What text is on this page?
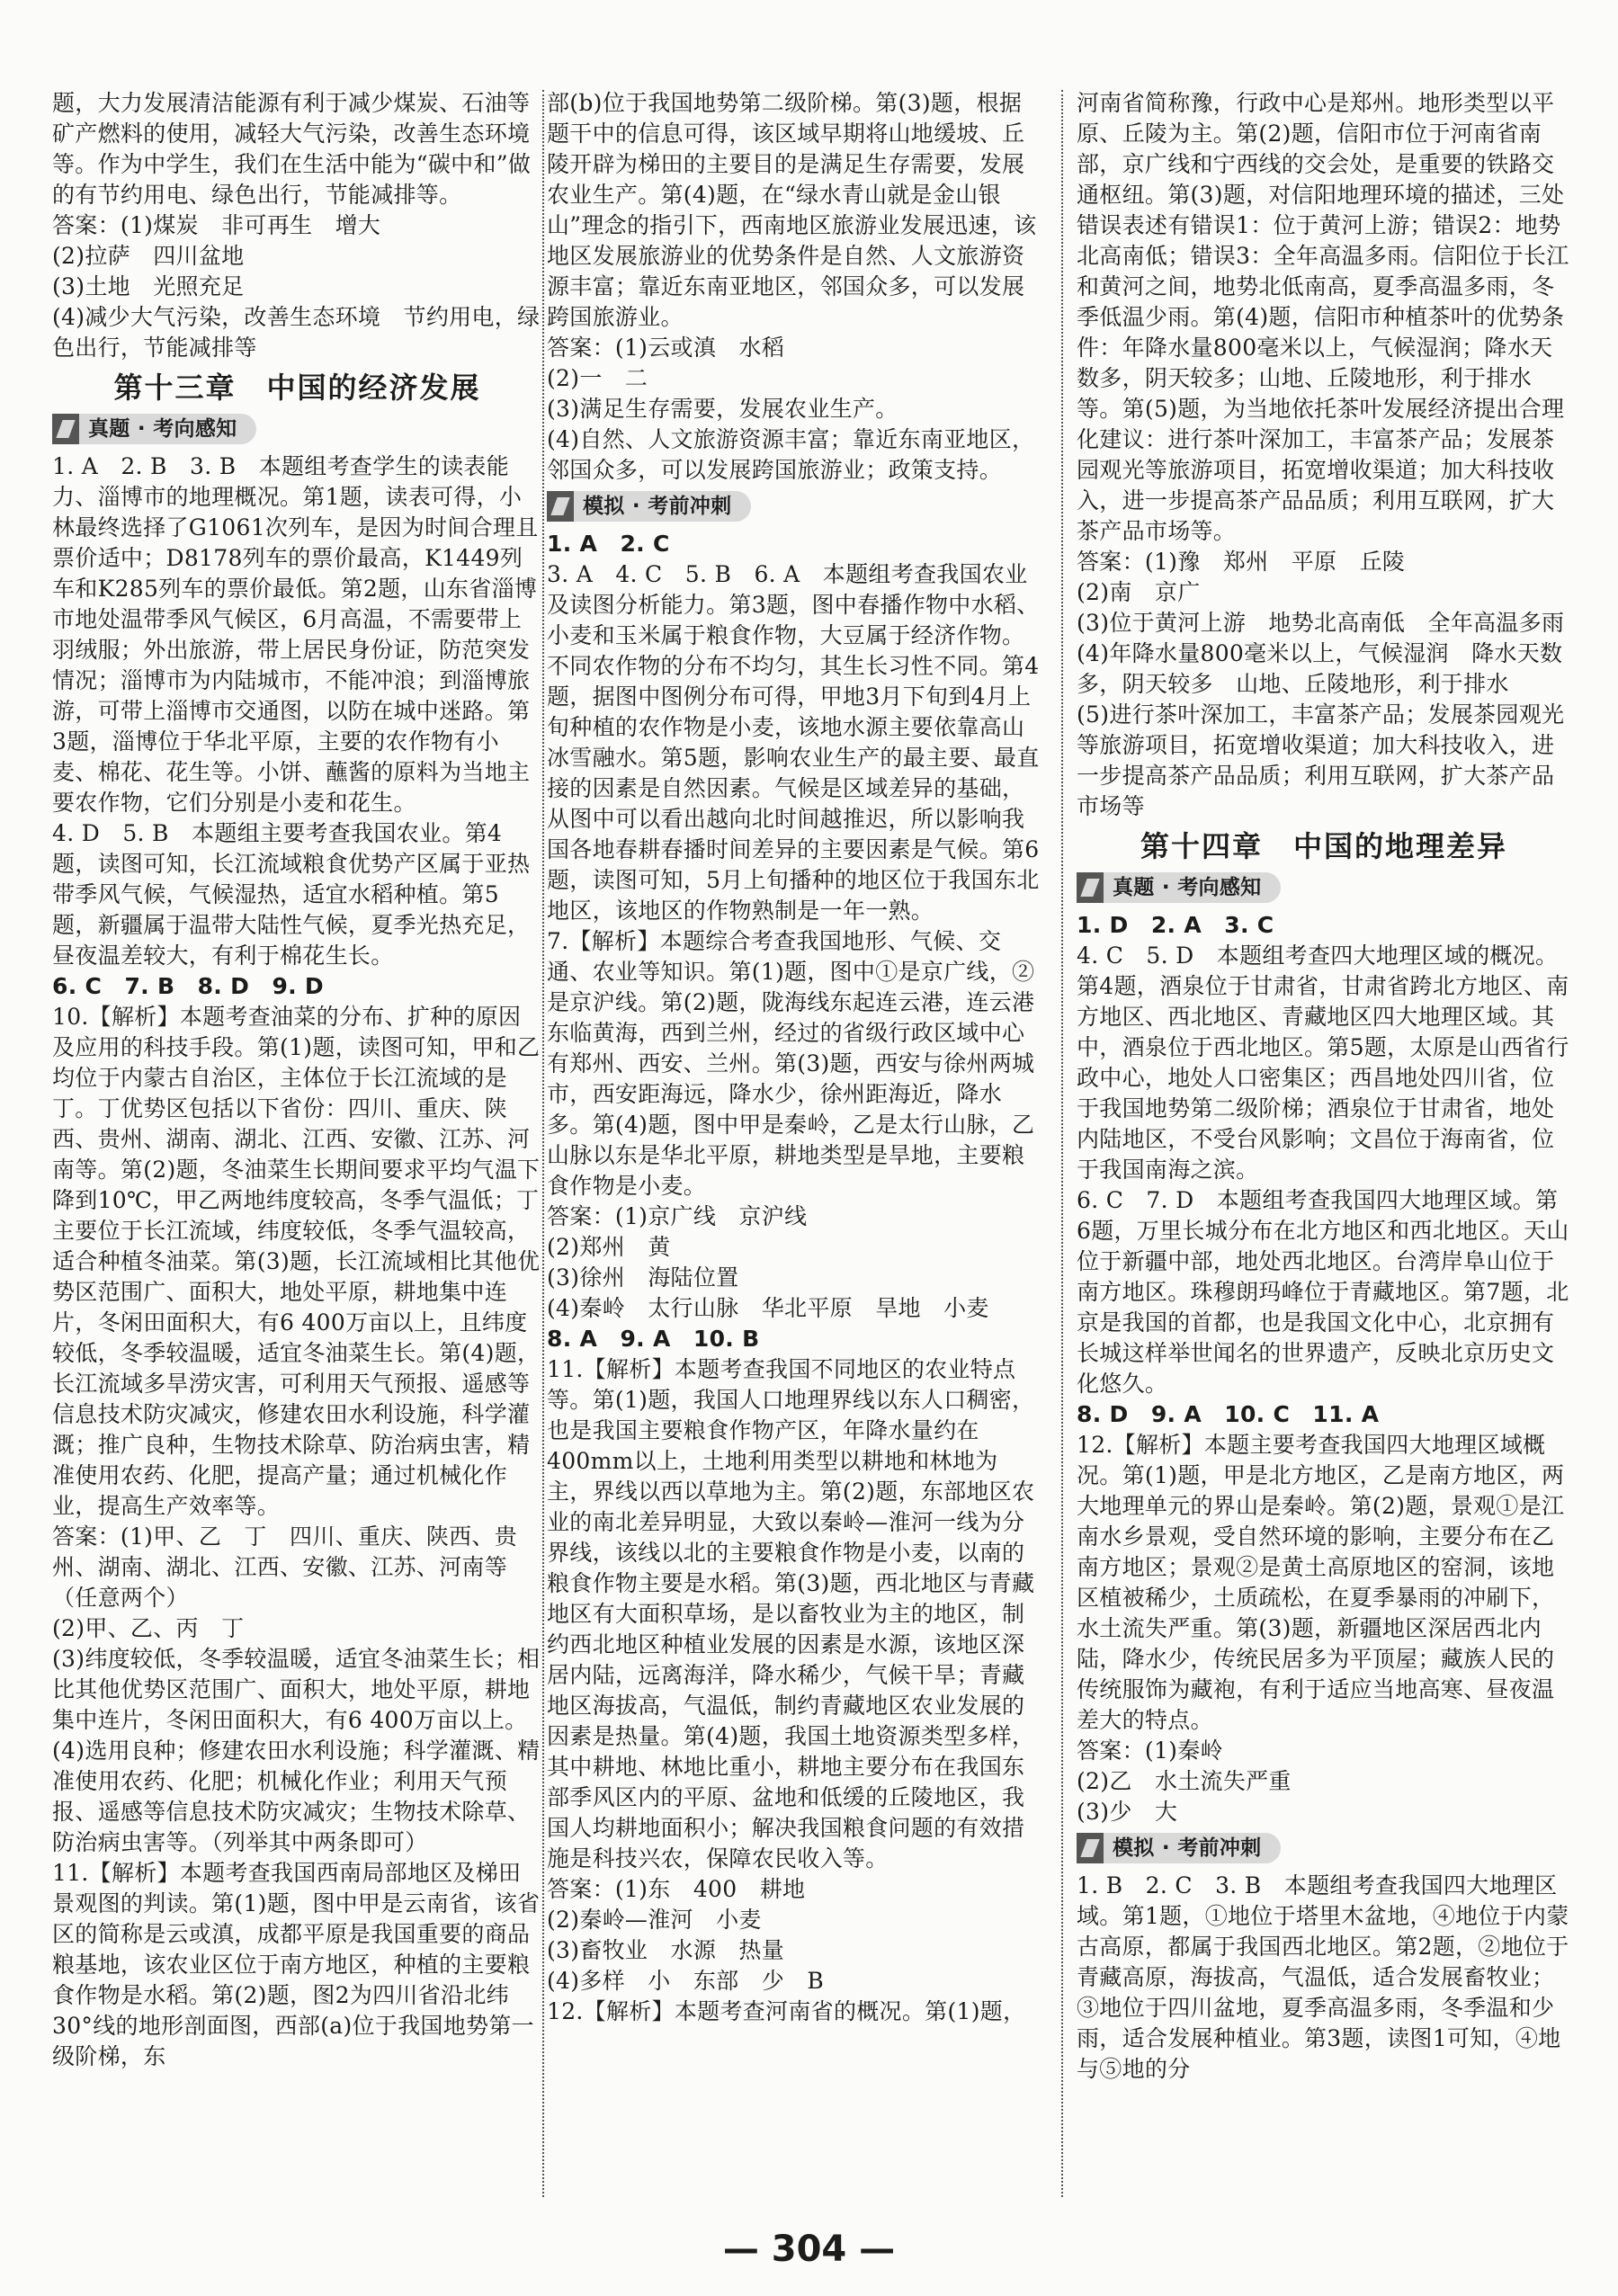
题，大力发展清洁能源有利于减少煤炭、石油等矿产燃料的使用，减轻大气污染，改善生态环境等。作为中学生，我们在生活中能为“碳中和”做的有节约用电、绿色出行，节能减排等。

答案：(1)煤炭　非可再生　增大

(2)拉萨　四川盆地

(3)土地　光照充足

(4)减少大气污染，改善生态环境　节约用电，绿色出行，节能减排等

第十三章　中国的经济发展
真题 · 考向感知

1. A　2. B　3. B　本题组考查学生的读表能力、淄博市的地理概况。第1题，读表可得，小林最终选择了G1061次列车，是因为时间合理且票价适中；D8178列车的票价最高，K1449列车和K285列车的票价最低。第2题，山东省淄博市地处温带季风气候区，6月高温，不需要带上羽绒服；外出旅游，带上居民身份证，防范突发情况；淄博市为内陆城市，不能冲浪；到淄博旅游，可带上淄博市交通图，以防在城中迷路。第3题，淄博位于华北平原，主要的农作物有小麦、棉花、花生等。小饼、蘸酱的原料为当地主要农作物，它们分别是小麦和花生。

4. D　5. B　本题组主要考查我国农业。第4题，读图可知，长江流域粮食优势产区属于亚热带季风气候，气候湿热，适宜水稻种植。第5题，新疆属于温带大陆性气候，夏季光热充足，昼夜温差较大，有利于棉花生长。

6. C　7. B　8. D　9. D

10.【解析】本题考查油菜的分布、扩种的原因及应用的科技手段。第(1)题，读图可知，甲和乙均位于内蒙古自治区，主体位于长江流域的是丁。丁优势区包括以下省份：四川、重庆、陕西、贵州、湖南、湖北、江西、安徽、江苏、河南等。第(2)题，冬油菜生长期间要求平均气温下降到10℃，甲乙两地纬度较高，冬季气温低；丁主要位于长江流域，纬度较低，冬季气温较高，适合种植冬油菜。第(3)题，长江流域相比其他优势区范围广、面积大，地处平原，耕地集中连片，冬闲田面积大，有6 400万亩以上，且纬度较低，冬季较温暖，适宜冬油菜生长。第(4)题，长江流域多旱涝灾害，可利用天气预报、遥感等信息技术防灾减灾，修建农田水利设施，科学灌溉；推广良种，生物技术除草、防治病虫害，精准使用农药、化肥，提高产量；通过机械化作业，提高生产效率等。

答案：(1)甲、乙　丁　四川、重庆、陕西、贵州、湖南、湖北、江西、安徽、江苏、河南等（任意两个）

(2)甲、乙、丙　丁

(3)纬度较低，冬季较温暖，适宜冬油菜生长；相比其他优势区范围广、面积大，地处平原，耕地集中连片，冬闲田面积大，有6 400万亩以上。

(4)选用良种；修建农田水利设施；科学灌溉、精准使用农药、化肥；机械化作业；利用天气预报、遥感等信息技术防灾减灾；生物技术除草、防治病虫害等。（列举其中两条即可）

11.【解析】本题考查我国西南局部地区及梯田景观图的判读。第(1)题，图中甲是云南省，该省区的简称是云或滇，成都平原是我国重要的商品粮基地，该农业区位于南方地区，种植的主要粮食作物是水稻。第(2)题，图2为四川省沿北纬30°线的地形剖面图，西部(a)位于我国地势第一级阶梯，东

部(b)位于我国地势第二级阶梯。第(3)题，根据题干中的信息可得，该区域早期将山地缓坡、丘陵开辟为梯田的主要目的是满足生存需要，发展农业生产。第(4)题，在“绿水青山就是金山银山”理念的指引下，西南地区旅游业发展迅速，该地区发展旅游业的优势条件是自然、人文旅游资源丰富；靠近东南亚地区，邻国众多，可以发展跨国旅游业。

答案：(1)云或滇　水稻

(2)一　二

(3)满足生存需要，发展农业生产。

(4)自然、人文旅游资源丰富；靠近东南亚地区，邻国众多，可以发展跨国旅游业；政策支持。

模拟 · 考前冲刺

1. A　2. C

3. A　4. C　5. B　6. A　本题组考查我国农业及读图分析能力。第3题，图中春播作物中水稻、小麦和玉米属于粮食作物，大豆属于经济作物。不同农作物的分布不均匀，其生长习性不同。第4题，据图中图例分布可得，甲地3月下旬到4月上旬种植的农作物是小麦，该地水源主要依靠高山冰雪融水。第5题，影响农业生产的最主要、最直接的因素是自然因素。气候是区域差异的基础，从图中可以看出越向北时间越推迟，所以影响我国各地春耕春播时间差异的主要因素是气候。第6题，读图可知，5月上旬播种的地区位于我国东北地区，该地区的作物熟制是一年一熟。

7.【解析】本题综合考查我国地形、气候、交通、农业等知识。第(1)题，图中①是京广线，②是京沪线。第(2)题，陇海线东起连云港，连云港东临黄海，西到兰州，经过的省级行政区域中心有郑州、西安、兰州。第(3)题，西安与徐州两城市，西安距海远，降水少，徐州距海近，降水多。第(4)题，图中甲是秦岭，乙是太行山脉，乙山脉以东是华北平原，耕地类型是旱地，主要粮食作物是小麦。

答案：(1)京广线　京沪线

(2)郑州　黄

(3)徐州　海陆位置

(4)秦岭　太行山脉　华北平原　旱地　小麦

8. A　9. A　10. B

11.【解析】本题考查我国不同地区的农业特点等。第(1)题，我国人口地理界线以东人口稠密，也是我国主要粮食作物产区，年降水量约在400mm以上，土地利用类型以耕地和林地为主，界线以西以草地为主。第(2)题，东部地区农业的南北差异明显，大致以秦岭—淮河一线为分界线，该线以北的主要粮食作物是小麦，以南的粮食作物主要是水稻。第(3)题，西北地区与青藏地区有大面积草场，是以畜牧业为主的地区，制约西北地区种植业发展的因素是水源，该地区深居内陆，远离海洋，降水稀少，气候干旱；青藏地区海拔高，气温低，制约青藏地区农业发展的因素是热量。第(4)题，我国土地资源类型多样，其中耕地、林地比重小，耕地主要分布在我国东部季风区内的平原、盆地和低缓的丘陵地区，我国人均耕地面积小；解决我国粮食问题的有效措施是科技兴农，保障农民收入等。

答案：(1)东　400　耕地

(2)秦岭—淮河　小麦

(3)畜牧业　水源　热量

(4)多样　小　东部　少　B

12.【解析】本题考查河南省的概况。第(1)题，

河南省简称豫，行政中心是郑州。地形类型以平原、丘陵为主。第(2)题，信阳市位于河南省南部，京广线和宁西线的交会处，是重要的铁路交通枢纽。第(3)题，对信阳地理环境的描述，三处错误表述有错误1：位于黄河上游；错误2：地势北高南低；错误3：全年高温多雨。信阳位于长江和黄河之间，地势北低南高，夏季高温多雨，冬季低温少雨。第(4)题，信阳市种植茶叶的优势条件：年降水量800毫米以上，气候湿润；降水天数多，阴天较多；山地、丘陵地形，利于排水等。第(5)题，为当地依托茶叶发展经济提出合理化建议：进行茶叶深加工，丰富茶产品；发展茶园观光等旅游项目，拓宽增收渠道；加大科技收入，进一步提高茶产品品质；利用互联网，扩大茶产品市场等。

答案：(1)豫　郑州　平原　丘陵

(2)南　京广

(3)位于黄河上游　地势北高南低　全年高温多雨

(4)年降水量800毫米以上，气候湿润　降水天数多，阴天较多　山地、丘陵地形，利于排水

(5)进行茶叶深加工，丰富茶产品；发展茶园观光等旅游项目，拓宽增收渠道；加大科技收入，进一步提高茶产品品质；利用互联网，扩大茶产品市场等

第十四章　中国的地理差异
真题 · 考向感知

1. D　2. A　3. C

4. C　5. D　本题组考查四大地理区域的概况。第4题，酒泉位于甘肃省，甘肃省跨北方地区、南方地区、西北地区、青藏地区四大地理区域。其中，酒泉位于西北地区。第5题，太原是山西省行政中心，地处人口密集区；西昌地处四川省，位于我国地势第二级阶梯；酒泉位于甘肃省，地处内陆地区，不受台风影响；文昌位于海南省，位于我国南海之滨。

6. C　7. D　本题组考查我国四大地理区域。第6题，万里长城分布在北方地区和西北地区。天山位于新疆中部，地处西北地区。台湾岸阜山位于南方地区。珠穆朗玛峰位于青藏地区。第7题，北京是我国的首都，也是我国文化中心，北京拥有长城这样举世闻名的世界遗产，反映北京历史文化悠久。

8. D　9. A　10. C　11. A

12.【解析】本题主要考查我国四大地理区域概况。第(1)题，甲是北方地区，乙是南方地区，两大地理单元的界山是秦岭。第(2)题，景观①是江南水乡景观，受自然环境的影响，主要分布在乙南方地区；景观②是黄土高原地区的窑洞，该地区植被稀少，土质疏松，在夏季暴雨的冲刷下，水土流失严重。第(3)题，新疆地区深居西北内陆，降水少，传统民居多为平顶屋；藏族人民的传统服饰为藏袍，有利于适应当地高寒、昼夜温差大的特点。

答案：(1)秦岭

(2)乙　水土流失严重

(3)少　大

模拟 · 考前冲刺

1. B　2. C　3. B　本题组考查我国四大地理区域。第1题，①地位于塔里木盆地，④地位于内蒙古高原，都属于我国西北地区。第2题，②地位于青藏高原，海拔高，气温低，适合发展畜牧业；③地位于四川盆地，夏季高温多雨，冬季温和少雨，适合发展种植业。第3题，读图1可知，④地与⑤地的分

— 304 —
